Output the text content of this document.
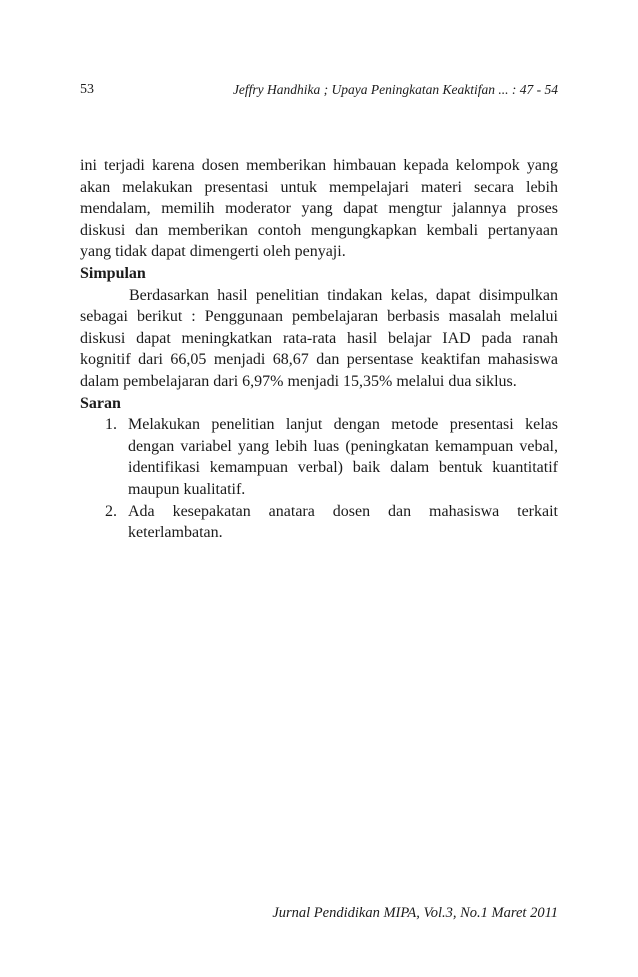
53	Jeffry Handhika ; Upaya Peningkatan Keaktifan ... : 47 - 54

ini terjadi karena dosen memberikan himbauan kepada kelompok yang akan melakukan presentasi untuk mempelajari materi secara lebih mendalam, memilih moderator yang dapat mengtur jalannya proses diskusi dan memberikan contoh mengungkapkan kembali pertanyaan yang tidak dapat dimengerti oleh penyaji.

Simpulan

Berdasarkan hasil penelitian tindakan kelas, dapat disimpulkan sebagai berikut : Penggunaan pembelajaran berbasis masalah melalui diskusi dapat meningkatkan rata-rata hasil belajar IAD pada ranah kognitif dari 66,05 menjadi 68,67 dan persentase keaktifan mahasiswa dalam pembelajaran dari 6,97% menjadi 15,35% melalui dua siklus.

Saran

1. Melakukan penelitian lanjut dengan metode presentasi kelas dengan variabel yang lebih luas (peningkatan kemampuan vebal, identifikasi kemampuan verbal) baik dalam bentuk kuantitatif maupun kualitatif.
2. Ada kesepakatan anatara dosen dan mahasiswa terkait keterlambatan.
Jurnal Pendidikan MIPA, Vol.3, No.1 Maret 2011
